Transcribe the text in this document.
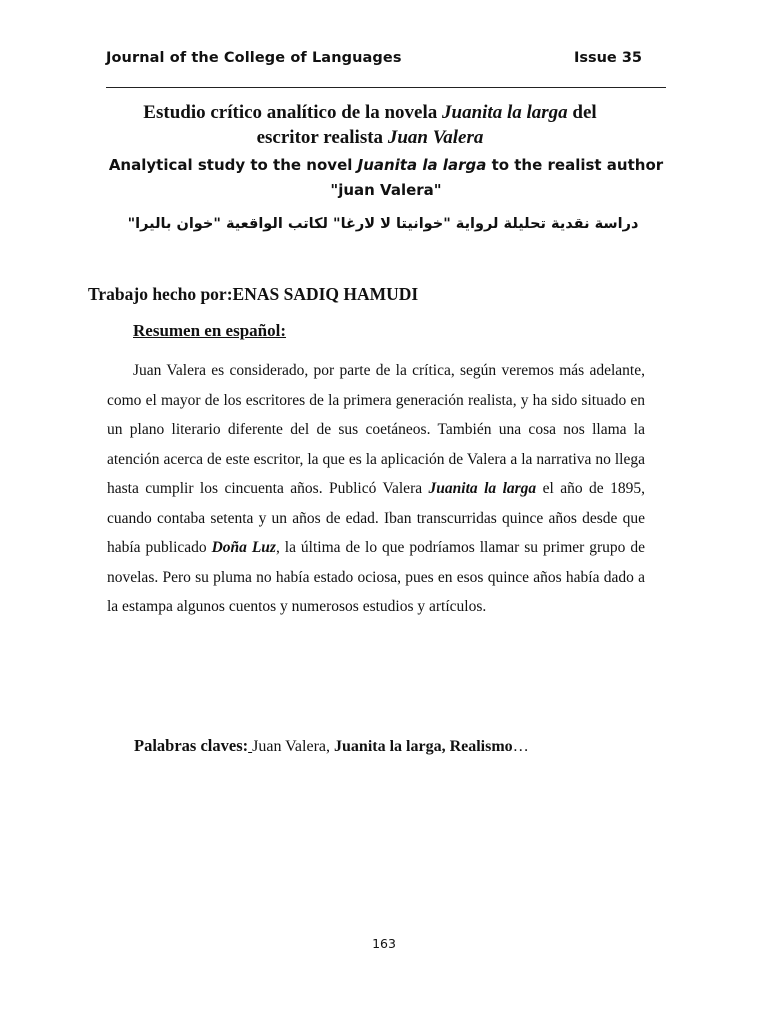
Journal of the College of Languages	Issue 35
Estudio crítico analítico de la novela Juanita la larga del
escritor realista Juan Valera
Analytical study to the novel Juanita la larga to the realist author
"juan Valera"
دراسة نقدية تحليلة لرواية "خوانيتا لا لارغا" لكاتب الواقعية "خوان باليرا"
Trabajo hecho por:ENAS SADIQ HAMUDI
Resumen en español:
Juan Valera es considerado, por parte de la crítica, según veremos más adelante, como el mayor de los escritores de la primera generación realista, y ha sido situado en un plano literario diferente del de sus coetáneos. También una cosa nos llama la atención acerca de este escritor, la que es la aplicación de Valera a la narrativa no llega hasta cumplir los cincuenta años. Publicó Valera Juanita la larga el año de 1895, cuando contaba setenta y un años de edad. Iban transcurridas quince años desde que había publicado Doña Luz, la última de lo que podríamos llamar su primer grupo de novelas. Pero su pluma no había estado ociosa, pues en esos quince años había dado a la estampa algunos cuentos y numerosos estudios y artículos.
Palabras claves: Juan Valera, Juanita la larga, Realismo…
163
